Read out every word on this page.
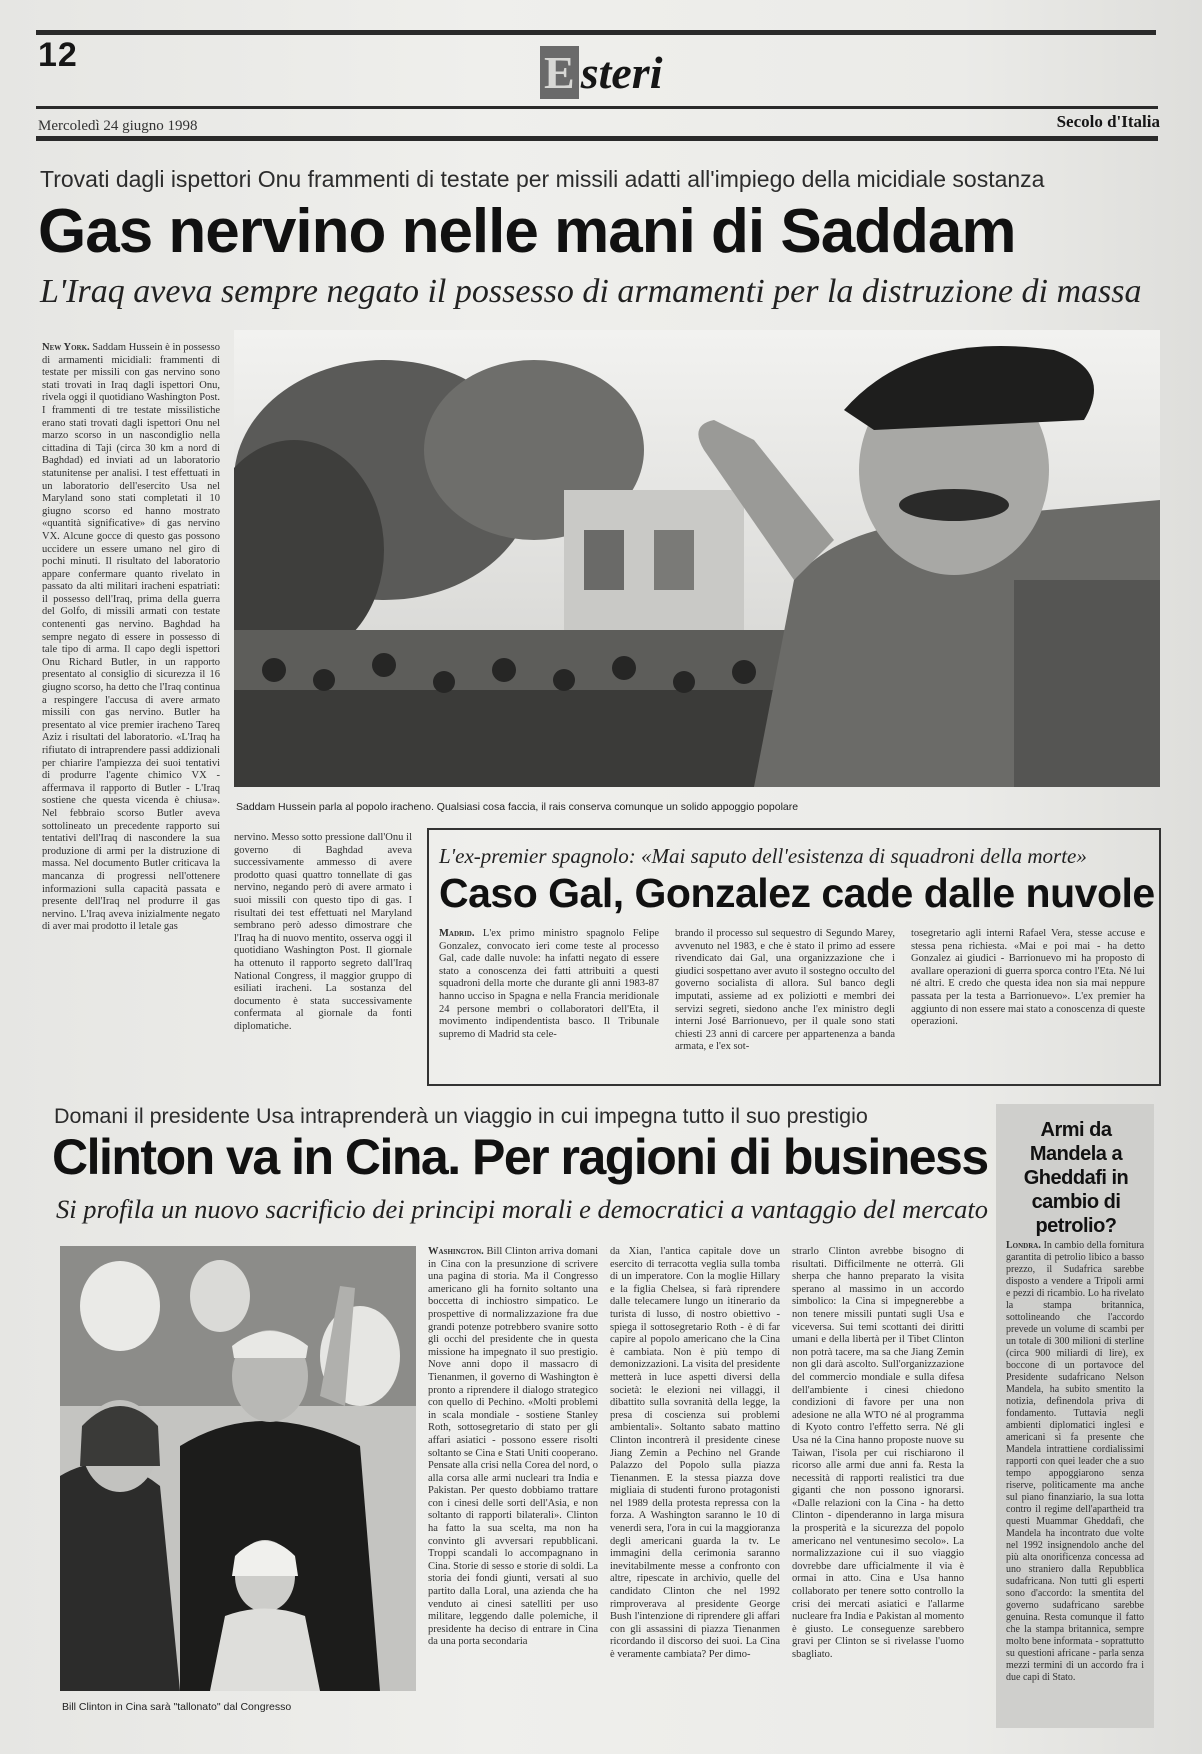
12	E steri
Mercoledì 24 giugno 1998	Secolo d'Italia
Trovati dagli ispettori Onu frammenti di testate per missili adatti all'impiego della micidiale sostanza
Gas nervino nelle mani di Saddam
L'Iraq aveva sempre negato il possesso di armamenti per la distruzione di massa
Saddam Hussein parla al popolo iracheno. Qualsiasi cosa faccia, il rais conserva comunque un solido appoggio popolare
New York. Saddam Hussein è in possesso di armamenti micidiali: frammenti di testate per missili con gas nervino sono stati trovati in Iraq dagli ispettori Onu, rivela oggi il quotidiano Washington Post. I frammenti di tre testate missilistiche erano stati trovati dagli ispettori Onu nel marzo scorso in un nascondiglio nella cittadina di Taji (circa 30 km a nord di Baghdad) ed inviati ad un laboratorio statunitense per analisi. I test effettuati in un laboratorio dell'esercito Usa nel Maryland sono stati completati il 10 giugno scorso ed hanno mostrato «quantità significative» di gas nervino VX. Alcune gocce di questo gas possono uccidere un essere umano nel giro di pochi minuti. Il risultato del laboratorio appare confermare quanto rivelato in passato da alti militari iracheni espatriati: il possesso dell'Iraq, prima della guerra del Golfo, di missili armati con testate contenenti gas nervino. Baghdad ha sempre negato di essere in possesso di tale tipo di arma. Il capo degli ispettori Onu Richard Butler, in un rapporto presentato al consiglio di sicurezza il 16 giugno scorso, ha detto che l'Iraq continua a respingere l'accusa di avere armato missili con gas nervino. Butler ha presentato al vice premier iracheno Tareq Aziz i risultati del laboratorio. «L'Iraq ha rifiutato di intraprendere passi addizionali per chiarire l'ampiezza dei suoi tentativi di produrre l'agente chimico VX - affermava il rapporto di Butler - L'Iraq sostiene che questa vicenda è chiusa». Nel febbraio scorso Butler aveva sottolineato un precedente rapporto sui tentativi dell'Iraq di nascondere la sua produzione di armi per la distruzione di massa. Nel documento Butler criticava la mancanza di progressi nell'ottenere informazioni sulla capacità passata e presente dell'Iraq nel produrre il gas nervino. L'Iraq aveva inizialmente negato di aver mai prodotto il letale gas
nervino. Messo sotto pressione dall'Onu il governo di Baghdad aveva successivamente ammesso di avere prodotto quasi quattro tonnellate di gas nervino, negando però di avere armato i suoi missili con questo tipo di gas. I risultati dei test effettuati nel Maryland sembrano però adesso dimostrare che l'Iraq ha di nuovo mentito, osserva oggi il quotidiano Washington Post. Il giornale ha ottenuto il rapporto segreto dall'Iraq National Congress, il maggior gruppo di esiliati iracheni. La sostanza del documento è stata successivamente confermata al giornale da fonti diplomatiche.
L'ex-premier spagnolo: «Mai saputo dell'esistenza di squadroni della morte»
Caso Gal, Gonzalez cade dalle nuvole
Madrid. L'ex primo ministro spagnolo Felipe Gonzalez, convocato ieri come teste al processo Gal, cade dalle nuvole: ha infatti negato di essere stato a conoscenza dei fatti attribuiti a questi squadroni della morte che durante gli anni 1983-87 hanno ucciso in Spagna e nella Francia meridionale 24 persone membri o collaboratori dell'Eta, il movimento indipendentista basco. Il Tribunale supremo di Madrid sta cele-
brando il processo sul sequestro di Segundo Marey, avvenuto nel 1983, e che è stato il primo ad essere rivendicato dai Gal, una organizzazione che i giudici sospettano aver avuto il sostegno occulto del governo socialista di allora. Sul banco degli imputati, assieme ad ex poliziotti e membri dei servizi segreti, siedono anche l'ex ministro degli interni José Barrionuevo, per il quale sono stati chiesti 23 anni di carcere per appartenenza a banda armata, e l'ex sot-
tosegretario agli interni Rafael Vera, stesse accuse e stessa pena richiesta. «Mai e poi mai - ha detto Gonzalez ai giudici - Barrionuevo mi ha proposto di avallare operazioni di guerra sporca contro l'Eta. Né lui né altri. E credo che questa idea non sia mai neppure passata per la testa a Barrionuevo». L'ex premier ha aggiunto di non essere mai stato a conoscenza di queste operazioni.
Domani il presidente Usa intraprenderà un viaggio in cui impegna tutto il suo prestigio
Clinton va in Cina. Per ragioni di business
Si profila un nuovo sacrificio dei principi morali e democratici a vantaggio del mercato
Bill Clinton in Cina sarà "tallonato" dal Congresso
Washington. Bill Clinton arriva domani in Cina con la presunzione di scrivere una pagina di storia. Ma il Congresso americano gli ha fornito soltanto una boccetta di inchiostro simpatico. Le prospettive di normalizzazione fra due grandi potenze potrebbero svanire sotto gli occhi del presidente che in questa missione ha impegnato il suo prestigio. Nove anni dopo il massacro di Tienanmen, il governo di Washington è pronto a riprendere il dialogo strategico con quello di Pechino. «Molti problemi in scala mondiale - sostiene Stanley Roth, sottosegretario di stato per gli affari asiatici - possono essere risolti soltanto se Cina e Stati Uniti cooperano. Pensate alla crisi nella Corea del nord, o alla corsa alle armi nucleari tra India e Pakistan. Per questo dobbiamo trattare con i cinesi delle sorti dell'Asia, e non soltanto di rapporti bilaterali». Clinton ha fatto la sua scelta, ma non ha convinto gli avversari repubblicani. Troppi scandali lo accompagnano in Cina. Storie di sesso e storie di soldi. La storia dei fondi giunti, versati al suo partito dalla Loral, una azienda che ha venduto ai cinesi satelliti per uso militare, leggendo dalle polemiche, il presidente ha deciso di entrare in Cina da una porta secondaria
da Xian, l'antica capitale dove un esercito di terracotta veglia sulla tomba di un imperatore. Con la moglie Hillary e la figlia Chelsea, si farà riprendere dalle telecamere lungo un itinerario da turista di lusso, di nostro obiettivo - spiega il sottosegretario Roth - è di far capire al popolo americano che la Cina è cambiata. Non è più tempo di demonizzazioni. La visita del presidente metterà in luce aspetti diversi della società: le elezioni nei villaggi, il dibattito sulla sovranità della legge, la presa di coscienza sui problemi ambientali». Soltanto sabato mattino Clinton incontrerà il presidente cinese Jiang Zemin a Pechino nel Grande Palazzo del Popolo sulla piazza Tienanmen. E la stessa piazza dove migliaia di studenti furono protagonisti nel 1989 della protesta repressa con la forza. A Washington saranno le 10 di venerdì sera, l'ora in cui la maggioranza degli americani guarda la tv. Le immagini della cerimonia saranno inevitabilmente messe a confronto con altre, ripescate in archivio, quelle del candidato Clinton che nel 1992 rimproverava al presidente George Bush l'intenzione di riprendere gli affari con gli assassini di piazza Tienanmen ricordando il discorso dei suoi. La Cina è veramente cambiata? Per dimo-
strarlo Clinton avrebbe bisogno di risultati. Difficilmente ne otterrà. Gli sherpa che hanno preparato la visita sperano al massimo in un accordo simbolico: la Cina si impegnerebbe a non tenere missili puntati sugli Usa e viceversa. Sui temi scottanti dei diritti umani e della libertà per il Tibet Clinton non potrà tacere, ma sa che Jiang Zemin non gli darà ascolto. Sull'organizzazione del commercio mondiale e sulla difesa dell'ambiente i cinesi chiedono condizioni di favore per una non adesione ne alla WTO né al programma di Kyoto contro l'effetto serra. Né gli Usa né la Cina hanno proposte nuove su Taiwan, l'isola per cui rischiarono il ricorso alle armi due anni fa. Resta la necessità di rapporti realistici tra due giganti che non possono ignorarsi. «Dalle relazioni con la Cina - ha detto Clinton - dipenderanno in larga misura la prosperità e la sicurezza del popolo americano nel ventunesimo secolo». La normalizzazione cui il suo viaggio dovrebbe dare ufficialmente il via è ormai in atto. Cina e Usa hanno collaborato per tenere sotto controllo la crisi dei mercati asiatici e l'allarme nucleare fra India e Pakistan al momento è giusto. Le conseguenze sarebbero gravi per Clinton se si rivelasse l'uomo sbagliato.
Armi da Mandela a Gheddafi in cambio di petrolio?
Londra. In cambio della fornitura garantita di petrolio libico a basso prezzo, il Sudafrica sarebbe disposto a vendere a Tripoli armi e pezzi di ricambio. Lo ha rivelato la stampa britannica, sottolineando che l'accordo prevede un volume di scambi per un totale di 300 milioni di sterline (circa 900 miliardi di lire), ex boccone di un portavoce del Presidente sudafricano Nelson Mandela, ha subito smentito la notizia, definendola priva di fondamento. Tuttavia negli ambienti diplomatici inglesi e americani si fa presente che Mandela intrattiene cordialissimi rapporti con quei leader che a suo tempo appoggiarono senza riserve, politicamente ma anche sul piano finanziario, la sua lotta contro il regime dell'apartheid tra questi Muammar Gheddafi, che Mandela ha incontrato due volte nel 1992 insignendolo anche del più alta onorificenza concessa ad uno straniero dalla Repubblica sudafricana. Non tutti gli esperti sono d'accordo: la smentita del governo sudafricano sarebbe genuina. Resta comunque il fatto che la stampa britannica, sempre molto bene informata - soprattutto su questioni africane - parla senza mezzi termini di un accordo fra i due capi di Stato.
